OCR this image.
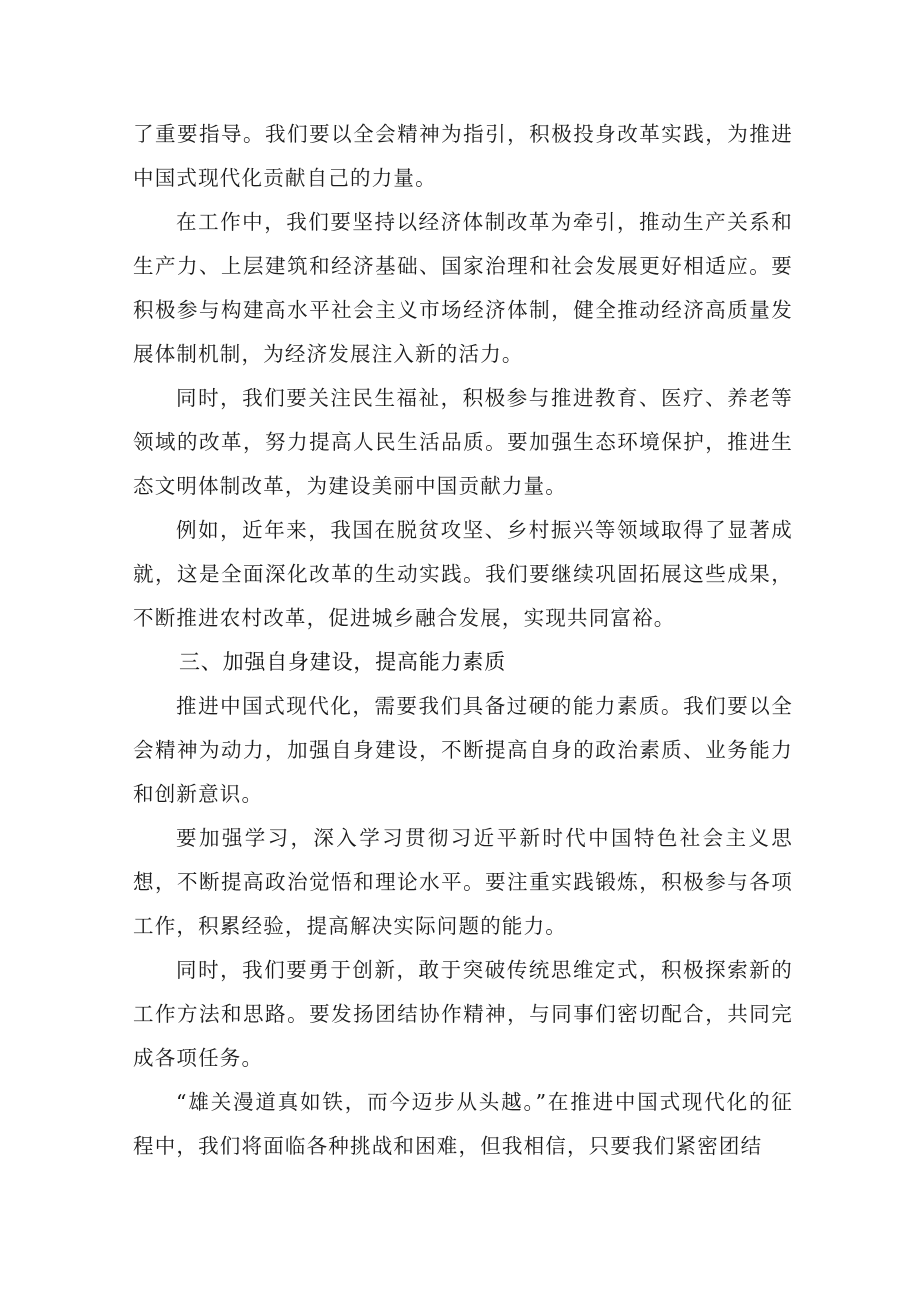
了重要指导。我们要以全会精神为指引，积极投身改革实践，为推进中国式现代化贡献自己的力量。

在工作中，我们要坚持以经济体制改革为牵引，推动生产关系和生产力、上层建筑和经济基础、国家治理和社会发展更好相适应。要积极参与构建高水平社会主义市场经济体制，健全推动经济高质量发展体制机制，为经济发展注入新的活力。

同时，我们要关注民生福祉，积极参与推进教育、医疗、养老等领域的改革，努力提高人民生活品质。要加强生态环境保护，推进生态文明体制改革，为建设美丽中国贡献力量。

例如，近年来，我国在脱贫攻坚、乡村振兴等领域取得了显著成就，这是全面深化改革的生动实践。我们要继续巩固拓展这些成果，不断推进农村改革，促进城乡融合发展，实现共同富裕。

三、加强自身建设，提高能力素质

推进中国式现代化，需要我们具备过硬的能力素质。我们要以全会精神为动力，加强自身建设，不断提高自身的政治素质、业务能力和创新意识。

要加强学习，深入学习贯彻习近平新时代中国特色社会主义思想，不断提高政治觉悟和理论水平。要注重实践锻炼，积极参与各项工作，积累经验，提高解决实际问题的能力。

同时，我们要勇于创新，敢于突破传统思维定式，积极探索新的工作方法和思路。要发扬团结协作精神，与同事们密切配合，共同完成各项任务。

“雄关漫道真如铁，而今迈步从头越。”在推进中国式现代化的征程中，我们将面临各种挑战和困难，但我相信，只要我们紧密团结
